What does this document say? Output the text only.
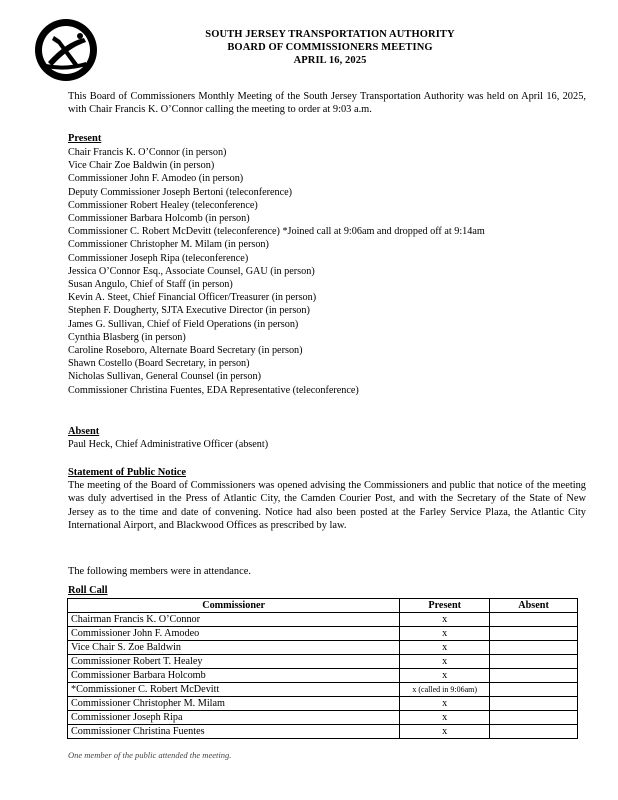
SOUTH JERSEY TRANSPORTATION AUTHORITY
BOARD OF COMMISSIONERS MEETING
APRIL 16, 2025
This Board of Commissioners Monthly Meeting of the South Jersey Transportation Authority was held on April 16, 2025, with Chair Francis K. O’Connor calling the meeting to order at 9:03 a.m.
Present
Chair Francis K. O’Connor (in person)
Vice Chair Zoe Baldwin (in person)
Commissioner John F. Amodeo (in person)
Deputy Commissioner Joseph Bertoni (teleconference)
Commissioner Robert Healey (teleconference)
Commissioner Barbara Holcomb (in person)
Commissioner C. Robert McDevitt (teleconference) *Joined call at 9:06am and dropped off at 9:14am
Commissioner Christopher M. Milam (in person)
Commissioner Joseph Ripa (teleconference)
Jessica O’Connor Esq., Associate Counsel, GAU (in person)
Susan Angulo, Chief of Staff (in person)
Kevin A. Steet, Chief Financial Officer/Treasurer (in person)
Stephen F. Dougherty, SJTA Executive Director (in person)
James G. Sullivan, Chief of Field Operations (in person)
Cynthia Blasberg (in person)
Caroline Roseboro, Alternate Board Secretary (in person)
Shawn Costello (Board Secretary, in person)
Nicholas Sullivan, General Counsel (in person)
Commissioner Christina Fuentes, EDA Representative (teleconference)
Absent
Paul Heck, Chief Administrative Officer (absent)
Statement of Public Notice
The meeting of the Board of Commissioners was opened advising the Commissioners and public that notice of the meeting was duly advertised in the Press of Atlantic City, the Camden Courier Post, and with the Secretary of the State of New Jersey as to the time and date of convening. Notice had also been posted at the Farley Service Plaza, the Atlantic City International Airport, and Blackwood Offices as prescribed by law.
The following members were in attendance.
Roll Call
Commissioner	Present	Absent
Chairman Francis K. O’Connor	x	
Commissioner John F. Amodeo	x	
Vice Chair S. Zoe Baldwin	x	
Commissioner Robert T. Healey	x	
Commissioner Barbara Holcomb	x	
*Commissioner C. Robert McDevitt	x (called in 9:06am)	
Commissioner Christopher M. Milam	x	
Commissioner Joseph Ripa	x	
Commissioner Christina Fuentes	x	
One member of the public attended the meeting.
